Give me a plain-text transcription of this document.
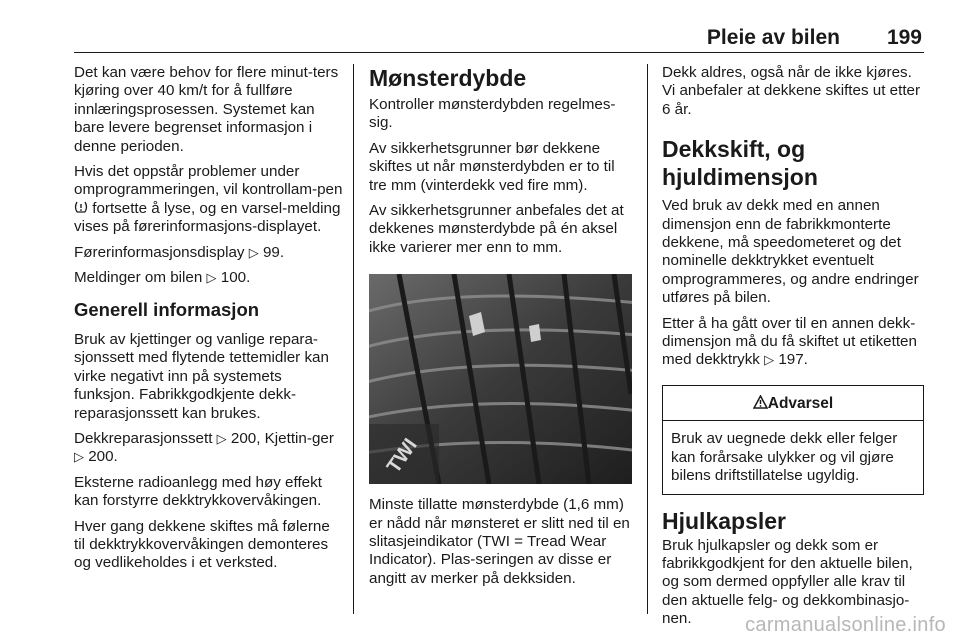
Pleie av bilen 199

Det kan være behov for flere minut-ters kjøring over 40 km/t for å fullføre innlæringsprosessen. Systemet kan bare levere begrenset informasjon i denne perioden.

Hvis det oppstår problemer under omprogrammeringen, vil kontrollam-pen  fortsette å lyse, og en varsel-melding vises på førerinformasjons-displayet.

Førerinformasjonsdisplay ▷ 99.

Meldinger om bilen ▷ 100.

Generell informasjon

Bruk av kjettinger og vanlige repara-sjonssett med flytende tettemidler kan virke negativt inn på systemets funksjon. Fabrikkgodkjente dekk-reparasjonssett kan brukes.

Dekkreparasjonssett ▷ 200, Kjettin-ger ▷ 200.

Eksterne radioanlegg med høy effekt kan forstyrre dekktrykkovervåkingen.

Hver gang dekkene skiftes må følerne til dekktrykkovervåkingen demonteres og vedlikeholdes i et verksted.

Mønsterdybde

Kontroller mønsterdybden regelmes-sig.

Av sikkerhetsgrunner bør dekkene skiftes ut når mønsterdybden er to til tre mm (vinterdekk ved fire mm).

Av sikkerhetsgrunner anbefales det at dekkenes mønsterdybde på én aksel ikke varierer mer enn to mm.

TWI

Minste tillatte mønsterdybde (1,6 mm) er nådd når mønsteret er slitt ned til en slitasjeindikator (TWI = Tread Wear Indicator). Plas-seringen av disse er angitt av merker på dekksiden.

Dekk aldres, også når de ikke kjøres. Vi anbefaler at dekkene skiftes ut etter 6 år.

Dekkskift, og hjuldimensjon

Ved bruk av dekk med en annen dimensjon enn de fabrikkmonterte dekkene, må speedometeret og det nominelle dekktrykket eventuelt omprogrammeres, og andre endringer utføres på bilen.

Etter å ha gått over til en annen dekk-dimensjon må du få skiftet ut etiketten med dekktrykk ▷ 197.

Advarsel
Bruk av uegnede dekk eller felger kan forårsake ulykker og vil gjøre bilens driftstillatelse ugyldig.
Hjulkapsler

Bruk hjulkapsler og dekk som er fabrikkgodkjent for den aktuelle bilen, og som dermed oppfyller alle krav til den aktuelle felg- og dekkombinasjo-nen.	carmanualsonline.info
